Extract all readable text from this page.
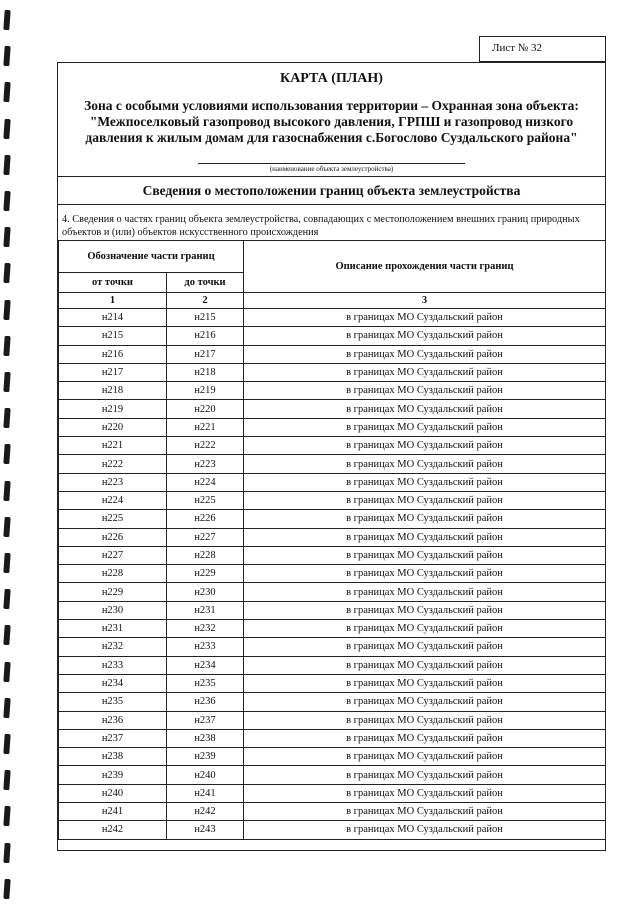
Лист № 32
КАРТА (ПЛАН)
Зона с особыми условиями использования территории – Охранная зона объекта: "Межпоселковый газопровод высокого давления, ГРПШ и газопровод низкого давления к жилым домам для газоснабжения с.Богослово Суздальского района"
(наименование объекта землеустройства)
Сведения о местоположении границ объекта землеустройства
4. Сведения о частях границ объекта землеустройства, совпадающих с местоположением внешних границ природных объектов и (или) объектов искусственного происхождения
Обозначение части границ		Описание прохождения части границ
от точки	до точки	
1	2	3
н214	н215	в границах МО Суздальский район
н215	н216	в границах МО Суздальский район
н216	н217	в границах МО Суздальский район
н217	н218	в границах МО Суздальский район
н218	н219	в границах МО Суздальский район
н219	н220	в границах МО Суздальский район
н220	н221	в границах МО Суздальский район
н221	н222	в границах МО Суздальский район
н222	н223	в границах МО Суздальский район
н223	н224	в границах МО Суздальский район
н224	н225	в границах МО Суздальский район
н225	н226	в границах МО Суздальский район
н226	н227	в границах МО Суздальский район
н227	н228	в границах МО Суздальский район
н228	н229	в границах МО Суздальский район
н229	н230	в границах МО Суздальский район
н230	н231	в границах МО Суздальский район
н231	н232	в границах МО Суздальский район
н232	н233	в границах МО Суздальский район
н233	н234	в границах МО Суздальский район
н234	н235	в границах МО Суздальский район
н235	н236	в границах МО Суздальский район
н236	н237	в границах МО Суздальский район
н237	н238	в границах МО Суздальский район
н238	н239	в границах МО Суздальский район
н239	н240	в границах МО Суздальский район
н240	н241	в границах МО Суздальский район
н241	н242	в границах МО Суздальский район
н242	н243	в границах МО Суздальский район
